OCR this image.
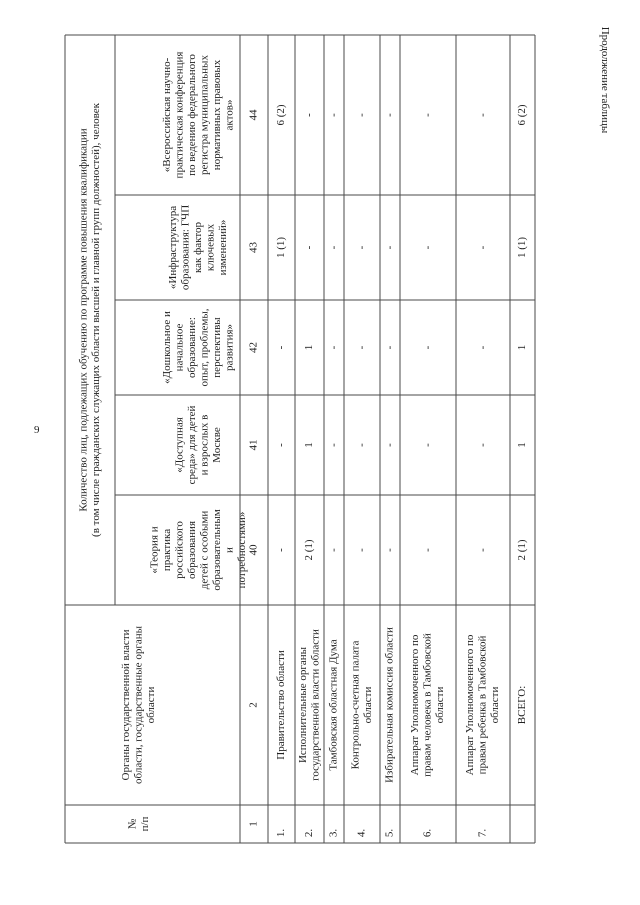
9
Продолжение таблицы
№ п/п
Органы государственной власти области, государственные органы области
Количество лиц, подлежащих обучению по программе повышения квалификации (в том числе гражданских служащих области высшей и главной групп должностей), человек
«Теория и практика российского образования детей с особыми образовательным и потребностями»
«Доступная среда» для детей и взрослых в Москве
«Дошкольное и начальное образование: опыт, проблемы, перспективы развития»
«Инфраструктура образования: ГЧП как фактор ключевых изменений»
«Всероссийская научно- практическая конференция по ведению федерального регистра муниципальных нормативных правовых актов»
1
2
40
41
42
43
44
1.
Правительство области
-
-
-
1 (1)
6 (2)
2.
Исполнительные органы государственной власти области
2 (1)
1
1
-
-
3.
Тамбовская областная Дума
-
-
-
-
-
4.
Контрольно-счетная палата области
-
-
-
-
-
5.
Избирательная комиссия области
-
-
-
-
-
6.
Аппарат Уполномоченного по правам человека в Тамбовской области
-
-
-
-
-
7.
Аппарат Уполномоченного по правам ребенка в Тамбовской области
-
-
-
-
-
ВСЕГО:
2 (1)
1
1
1 (1)
6 (2)
